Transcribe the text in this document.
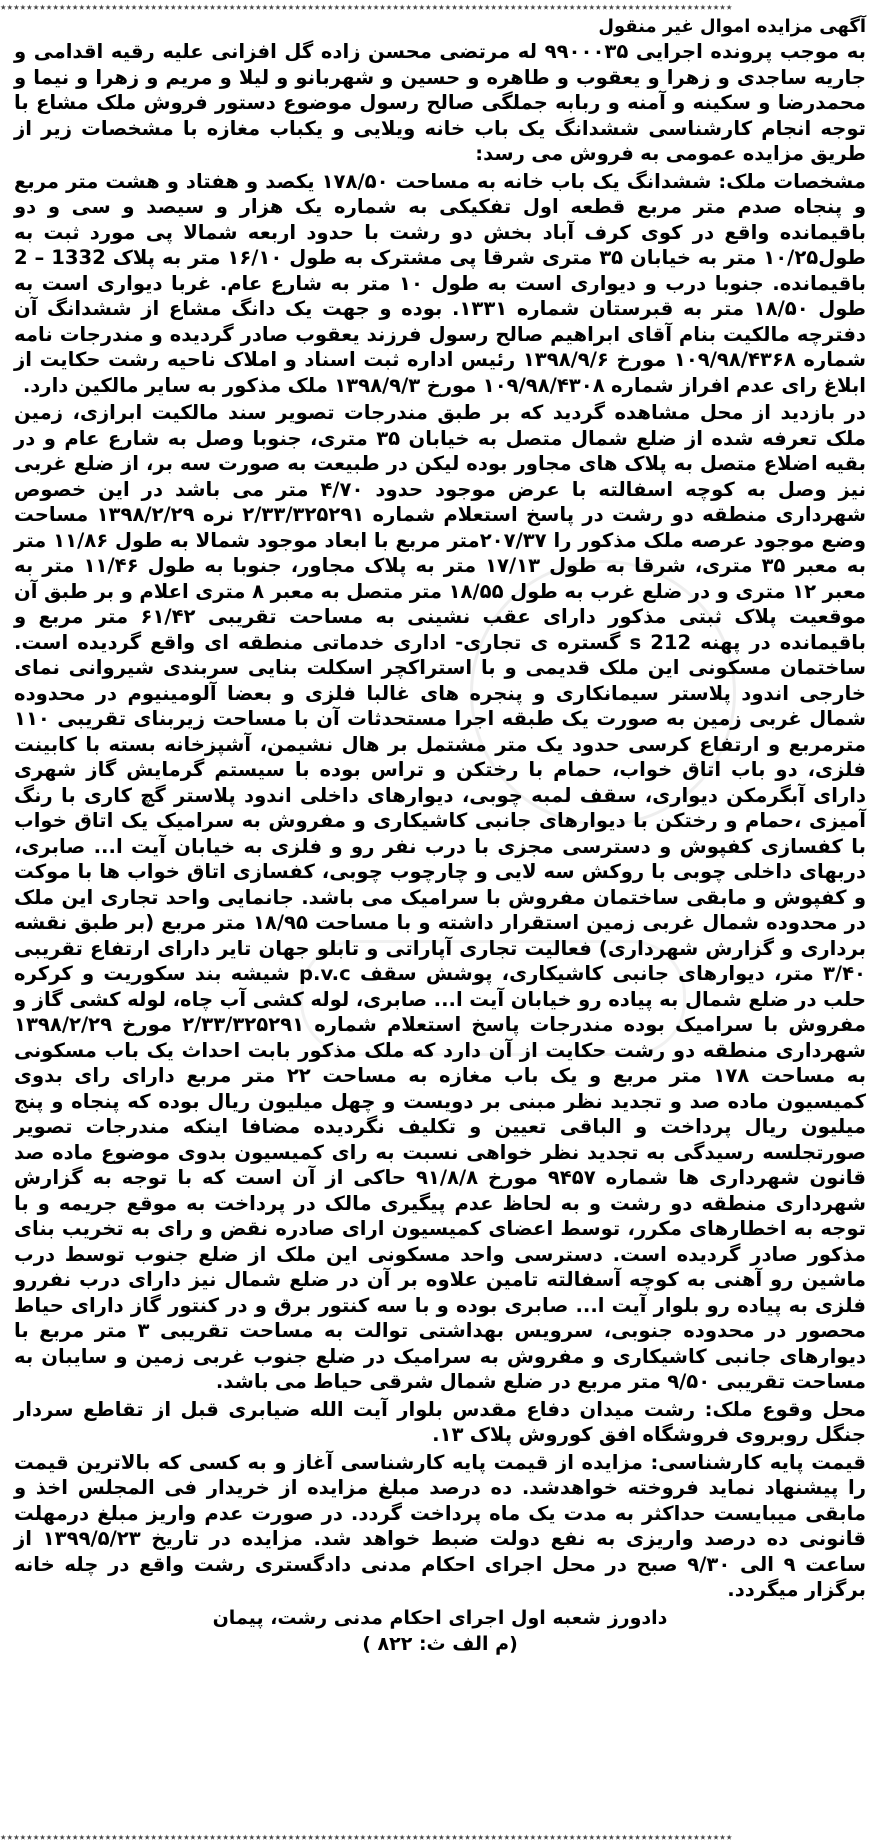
٭٭٭٭٭٭٭٭٭٭٭٭٭٭٭٭٭٭٭٭٭٭٭٭٭٭٭٭٭٭٭٭٭٭٭٭٭٭٭٭٭٭٭٭٭٭٭٭٭٭٭٭٭٭٭٭٭٭٭٭٭٭٭٭٭٭٭٭٭٭٭٭٭٭٭٭٭٭٭٭٭٭٭٭٭٭٭٭٭٭٭٭٭٭٭٭٭٭٭٭٭٭٭٭٭٭٭٭٭٭٭٭
آگهی مزایده اموال غیر منقول
به موجب پرونده اجرایی ۹۹۰۰۰۳۵ له مرتضی محسن زاده گل افزانی علیه رقیه اقدامی و جاریه ساجدی و زهرا و یعقوب و طاهره و حسین و شهربانو و لیلا و مریم و زهرا و نیما و محمدرضا و سکینه و آمنه و ربابه جملگی صالح رسول موضوع دستور فروش ملک مشاع با توجه انجام کارشناسی ششدانگ یک باب خانه ویلایی و یکباب مغازه با مشخصات زیر از طریق مزایده عمومی به فروش می رسد:
مشخصات ملک: ششدانگ یک باب خانه به مساحت ۱۷۸/۵۰ یکصد و هفتاد و هشت متر مربع و پنجاه صدم متر مربع قطعه اول تفکیکی به شماره یک هزار و سیصد و سی و دو باقیمانده واقع در کوی کرف آباد بخش دو رشت با حدود اربعه شمالا پی مورد ثبت به طول۱۰/۲۵ متر به خیابان ۳۵ متری شرقا پی مشترک به طول ۱۶/۱۰ متر به پلاک 1332 – 2 باقیمانده. جنوبا درب و دیواری است به طول ۱۰ متر به شارع عام. غربا دیواری است به طول ۱۸/۵۰ متر به قبرستان شماره ۱۳۳۱. بوده و جهت یک دانگ مشاع از ششدانگ آن دفترچه مالکیت بنام آقای ابراهیم صالح رسول فرزند یعقوب صادر گردیده و مندرجات نامه شماره ۱۰۹/۹۸/۴۳۶۸ مورخ ۱۳۹۸/۹/۶ رئیس اداره ثبت اسناد و املاک ناحیه رشت حکایت از ابلاغ رای عدم افراز شماره ۱۰۹/۹۸/۴۳۰۸ مورخ ۱۳۹۸/۹/۳ ملک مذکور به سایر مالکین دارد.
در بازدید از محل مشاهده گردید که بر طبق مندرجات تصویر سند مالکیت ابرازی، زمین ملک تعرفه شده از ضلع شمال متصل به خیابان ۳۵ متری، جنوبا وصل به شارع عام و در بقیه اضلاع متصل به پلاک های مجاور بوده لیکن در طبیعت به صورت سه بر، از ضلع غربی نیز وصل به کوچه اسفالته با عرض موجود حدود ۴/۷۰ متر می باشد در این خصوص شهرداری منطقه دو رشت در پاسخ استعلام شماره ۲/۳۳/۳۲۵۲۹۱ نره ۱۳۹۸/۲/۲۹ مساحت وضع موجود عرصه ملک مذکور را ۲۰۷/۳۷متر مربع با ابعاد موجود شمالا به طول ۱۱/۸۶ متر به معبر ۳۵ متری، شرقا به طول ۱۷/۱۳ متر به پلاک مجاور، جنوبا به طول ۱۱/۴۶ متر به معبر ۱۲ متری و در ضلع غرب به طول ۱۸/۵۵ متر متصل به معبر ۸ متری اعلام و بر طبق آن موقعیت پلاک ثبتی مذکور دارای عقب نشینی به مساحت تقریبی ۶۱/۴۲ متر مربع و باقیمانده در پهنه 212 s گستره ی تجاری- اداری خدماتی منطقه ای واقع گردیده است. ساختمان مسکونی این ملک قدیمی و با استراکچر اسکلت بنایی سربندی شیروانی نمای خارجی اندود پلاستر سیمانکاری و پنجره های غالبا فلزی و بعضا آلومینیوم در محدوده شمال غربی زمین به صورت یک طبقه اجرا مستحدثات آن با مساحت زیربنای تقریبی ۱۱۰ مترمربع و ارتفاع کرسی حدود یک متر مشتمل بر هال نشیمن، آشپزخانه بسته با کابینت فلزی، دو باب اتاق خواب، حمام با رختکن و تراس بوده با سیستم گرمایش گاز شهری دارای آبگرمکن دیواری، سقف لمبه چوبی، دیوارهای داخلی اندود پلاستر گچ کاری با رنگ آمیزی ،حمام و رختکن با دیوارهای جانبی کاشیکاری و مفروش به سرامیک یک اتاق خواب با کفسازی کفپوش و دسترسی مجزی با درب نفر رو و فلزی به خیابان آیت ا... صابری، دربهای داخلی چوبی با روکش سه لایی و چارچوب چوبی، کفسازی اتاق خواب ها با موکت و کفپوش و مابقی ساختمان مفروش با سرامیک می باشد. جانمایی واحد تجاری این ملک در محدوده شمال غربی زمین استقرار داشته و با مساحت ۱۸/۹۵ متر مربع (بر طبق نقشه برداری و گزارش شهرداری) فعالیت تجاری آپاراتی و تابلو جهان تایر دارای ارتفاع تقریبی ۳/۴۰ متر، دیوارهای جانبی کاشیکاری، پوشش سقف p.v.c شیشه بند سکوریت و کرکره حلب در ضلع شمال به پیاده رو خیابان آیت ا... صابری، لوله کشی آب چاه، لوله کشی گاز و مفروش با سرامیک بوده مندرجات پاسخ استعلام شماره ۲/۳۳/۳۲۵۲۹۱ مورخ ۱۳۹۸/۲/۲۹ شهرداری منطقه دو رشت حکایت از آن دارد که ملک مذکور بابت احداث یک باب مسکونی به مساحت ۱۷۸ متر مربع و یک باب مغازه به مساحت ۲۲ متر مربع دارای رای بدوی کمیسیون ماده صد و تجدید نظر مبنی بر دویست و چهل میلیون ریال بوده که پنجاه و پنج میلیون ریال پرداخت و الباقی تعیین و تکلیف نگردیده مضافا اینکه مندرجات تصویر صورتجلسه رسیدگی به تجدید نظر خواهی نسبت به رای کمیسیون بدوی موضوع ماده صد قانون شهرداری ها شماره ۹۴۵۷ مورخ ۹۱/۸/۸ حاکی از آن است که با توجه به گزارش شهرداری منطقه دو رشت و به لحاظ عدم پیگیری مالک در پرداخت به موقع جریمه و با توجه به اخطارهای مکرر، توسط اعضای کمیسیون ارای صادره نقض و رای به تخریب بنای مذکور صادر گردیده است. دسترسی واحد مسکونی این ملک از ضلع جنوب توسط درب ماشین رو آهنی به کوچه آسفالته تامین علاوه بر آن در ضلع شمال نیز دارای درب نفررو فلزی به پیاده رو بلوار آیت ا... صابری بوده و با سه کنتور برق و در کنتور گاز دارای حیاط محصور در محدوده جنوبی، سرویس بهداشتی توالت به مساحت تقریبی ۳ متر مربع با دیوارهای جانبی کاشیکاری و مفروش به سرامیک در ضلع جنوب غربی زمین و سایبان به مساحت تقریبی ۹/۵۰ متر مربع در ضلع شمال شرقی حیاط می باشد.
محل وقوع ملک: رشت میدان دفاع مقدس بلوار آیت الله ضیابری قبل از تقاطع سردار جنگل روبروی فروشگاه افق کوروش پلاک ۱۳.
قیمت پایه کارشناسی: مزایده از قیمت پایه کارشناسی آغاز و به کسی که بالاترین قیمت را پیشنهاد نماید فروخته خواهدشد. ده درصد مبلغ مزایده از خریدار فی المجلس اخذ و مابقی میبایست حداکثر به مدت یک ماه پرداخت گردد. در صورت عدم واریز مبلغ درمهلت قانونی ده درصد واریزی به نفع دولت ضبط خواهد شد. مزایده در تاریخ ۱۳۹۹/۵/۲۳ از ساعت ۹ الی ۹/۳۰ صبح در محل اجرای احکام مدنی دادگستری رشت واقع در چله خانه برگزار میگردد.
دادورز شعبه اول اجرای احکام مدنی رشت، پیمان
(م الف ث: ۸۲۲ )
٭٭٭٭٭٭٭٭٭٭٭٭٭٭٭٭٭٭٭٭٭٭٭٭٭٭٭٭٭٭٭٭٭٭٭٭٭٭٭٭٭٭٭٭٭٭٭٭٭٭٭٭٭٭٭٭٭٭٭٭٭٭٭٭٭٭٭٭٭٭٭٭٭٭٭٭٭٭٭٭٭٭٭٭٭٭٭٭٭٭٭٭٭٭٭٭٭٭٭٭٭٭٭٭٭٭٭٭٭٭٭٭
